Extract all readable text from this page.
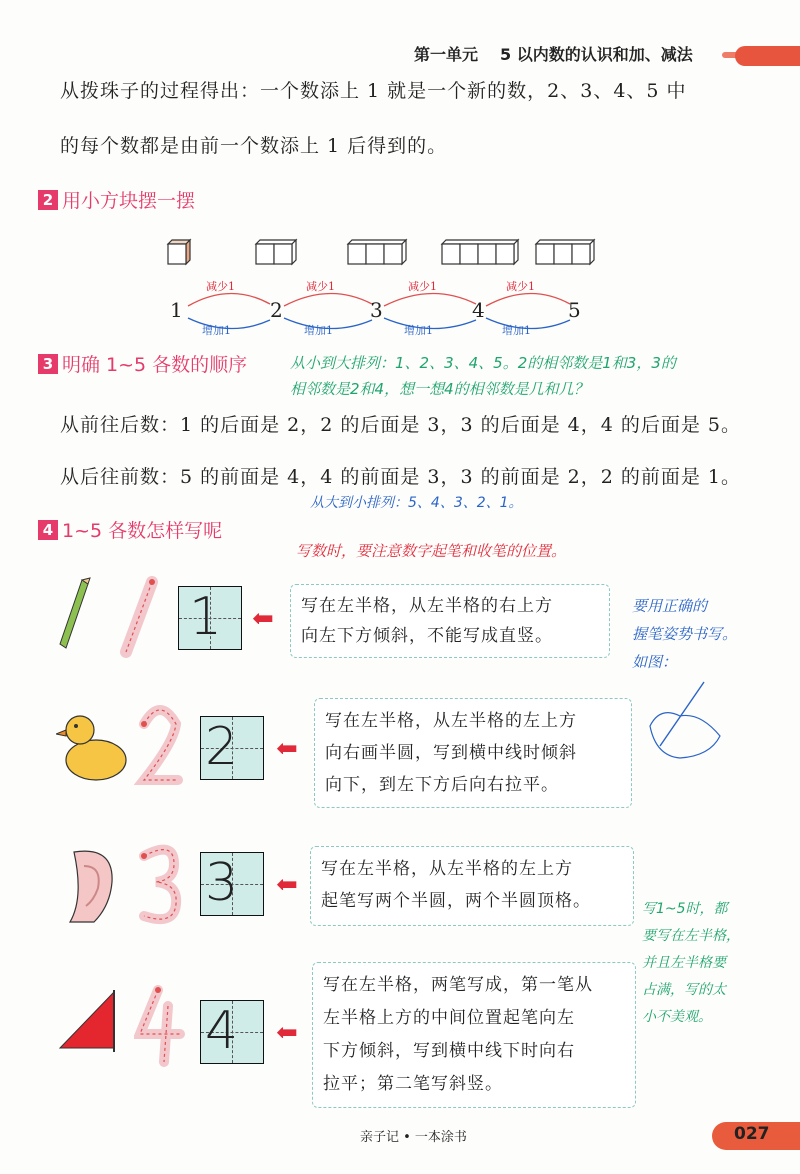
第一单元 5 以内数的认识和加、减法
从拨珠子的过程得出：一个数添上 1 就是一个新的数，2、3、4、5 中
的每个数都是由前一个数添上 1 后得到的。
2 用小方块摆一摆
1	2	3	4	5
减少1	减少1	减少1	减少1
增加1	增加1	增加1	增加1
3 明确 1~5 各数的顺序	从小到大排列：1、2、3、4、5。2的相邻数是1和3，3的
相邻数是2和4，想一想4的相邻数是几和几？
从前往后数：1 的后面是 2，2 的后面是 3，3 的后面是 4，4 的后面是 5。
从后往前数：5 的前面是 4，4 的前面是 3，3 的前面是 2，2 的前面是 1。
从大到小排列：5、4、3、2、1。
4 1~5 各数怎样写呢
写数时，要注意数字起笔和收笔的位置。
1 ⬅ 写在左半格，从左半格的右上方
向左下方倾斜，不能写成直竖。
2 ⬅
写在左半格，从左半格的左上方
向右画半圆，写到横中线时倾斜
向下，到左下方后向右拉平。
3 ⬅
写在左半格，从左半格的左上方
起笔写两个半圆，两个半圆顶格。
4 ⬅
写在左半格，两笔写成，第一笔从
左半格上方的中间位置起笔向左
下方倾斜，写到横中线下时向右
拉平；第二笔写斜竖。
要用正确的
握笔姿势书写。
如图：
写1~5时，都
要写在左半格，
并且左半格要
占满，写的太
小不美观。
亲子记 • 一本涂书	027
